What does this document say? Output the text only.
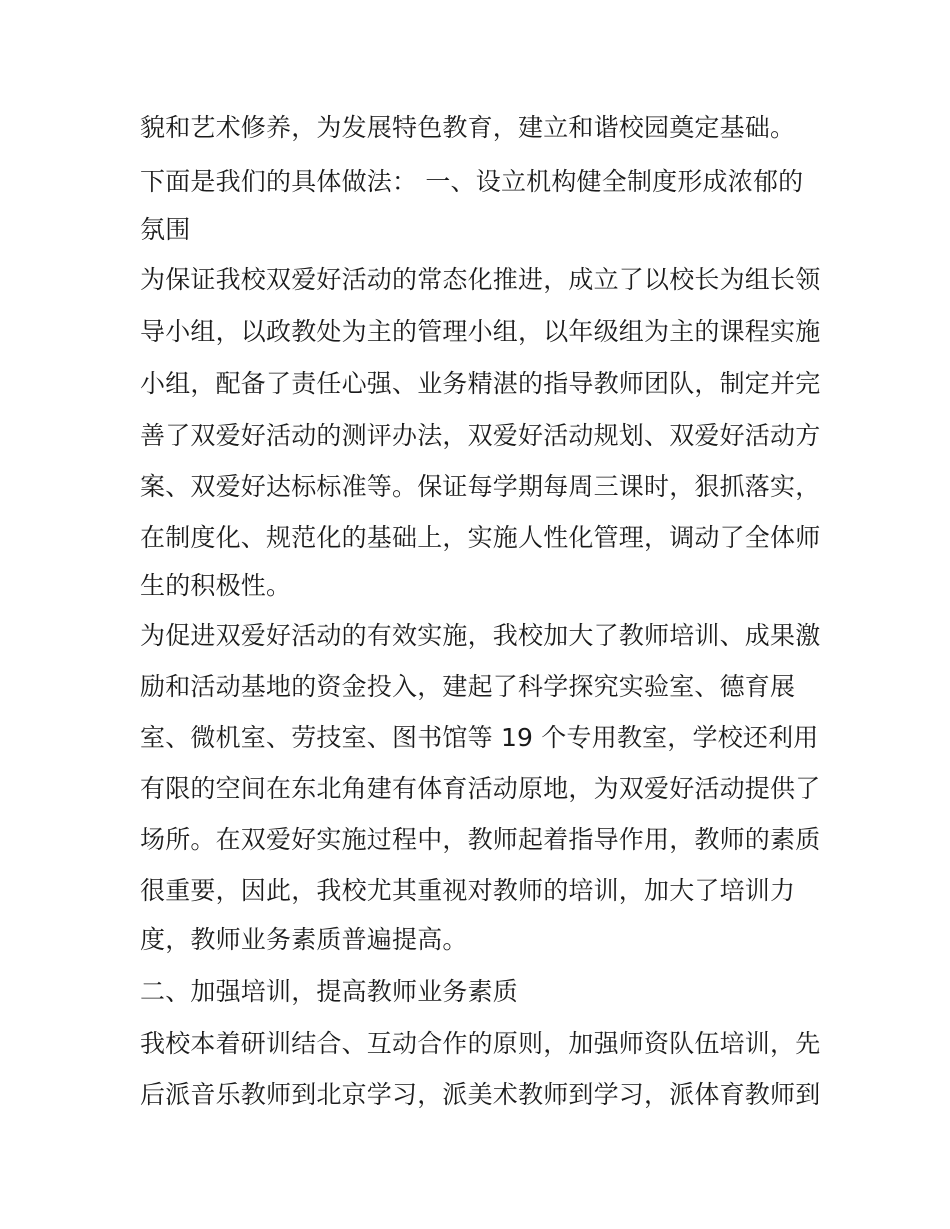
貌和艺术修养，为发展特色教育，建立和谐校园奠定基础。
下面是我们的具体做法： 一、设立机构健全制度形成浓郁的
氛围
为保证我校双爱好活动的常态化推进，成立了以校长为组长领
导小组，以政教处为主的管理小组，以年级组为主的课程实施
小组，配备了责任心强、业务精湛的指导教师团队，制定并完
善了双爱好活动的测评办法，双爱好活动规划、双爱好活动方
案、双爱好达标标准等。保证每学期每周三课时，狠抓落实，
在制度化、规范化的基础上，实施人性化管理，调动了全体师
生的积极性。
为促进双爱好活动的有效实施，我校加大了教师培训、成果激
励和活动基地的资金投入，建起了科学探究实验室、德育展
室、微机室、劳技室、图书馆等 19 个专用教室，学校还利用
有限的空间在东北角建有体育活动原地，为双爱好活动提供了
场所。在双爱好实施过程中，教师起着指导作用，教师的素质
很重要，因此，我校尤其重视对教师的培训，加大了培训力
度，教师业务素质普遍提高。
二、加强培训，提高教师业务素质
我校本着研训结合、互动合作的原则，加强师资队伍培训，先
后派音乐教师到北京学习，派美术教师到学习，派体育教师到
